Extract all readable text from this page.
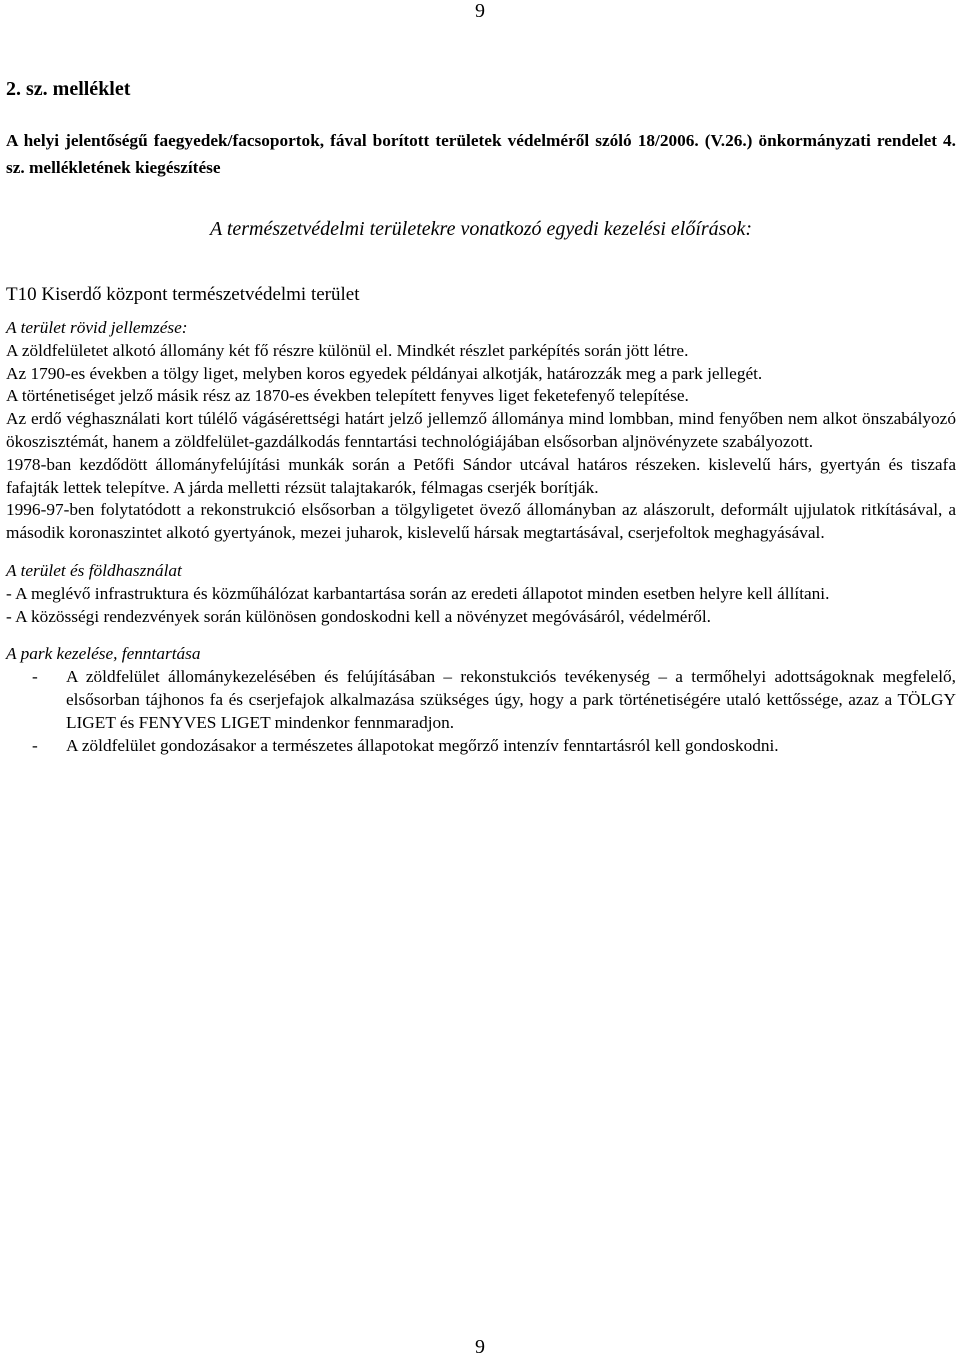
9
2. sz. melléklet
A helyi jelentőségű faegyedek/facsoportok, fával borított területek védelméről szóló 18/2006. (V.26.) önkormányzati rendelet 4. sz. mellékletének kiegészítése
A természetvédelmi területekre vonatkozó egyedi kezelési előírások:
T10 Kiserdő központ természetvédelmi terület
A terület rövid jellemzése:
A zöldfelületet alkotó állomány két fő részre különül el. Mindkét részlet parképítés során jött létre.
Az 1790-es években a tölgy liget, melyben koros egyedek példányai alkotják, határozzák meg a park jellegét.
A történetiséget jelző másik rész az 1870-es években telepített fenyves liget feketefenyő telepítése.
Az erdő véghasználati kort túlélő vágásérettségi határt jelző jellemző állománya mind lombban, mind fenyőben nem alkot önszabályozó ökoszisztémát, hanem a zöldfelület-gazdálkodás fenntartási technológiájában elsősorban aljnövényzete szabályozott.
1978-ban kezdődött állományfelújítási munkák során a Petőfi Sándor utcával határos részeken. kislevelű hárs, gyertyán és tiszafa fafajták lettek telepítve. A járda melletti rézsüt talajtakarók, félmagas cserjék borítják.
1996-97-ben folytatódott a rekonstrukció elsősorban a tölgyligetet övező állományban az alászorult, deformált ujjulatok ritkításával, a második koronaszintet alkotó gyertyánok, mezei juharok, kislevelű hársak megtartásával, cserjefoltok meghagyásával.
A terület és földhasználat
- A meglévő infrastruktura és közműhálózat karbantartása során az eredeti állapotot minden esetben helyre kell állítani.
- A közösségi rendezvények során különösen gondoskodni kell a növényzet megóvásáról, védelméről.
A park kezelése, fenntartása
-	A zöldfelület állománykezelésében és felújításában – rekonstukciós tevékenység – a termőhelyi adottságoknak megfelelő, elsősorban tájhonos fa és cserjefajok alkalmazása szükséges úgy, hogy a park történetiségére utaló kettőssége, azaz a TÖLGY LIGET és FENYVES LIGET mindenkor fennmaradjon.
-	A zöldfelület gondozásakor a természetes állapotokat megőrző intenzív fenntartásról kell gondoskodni.
9
